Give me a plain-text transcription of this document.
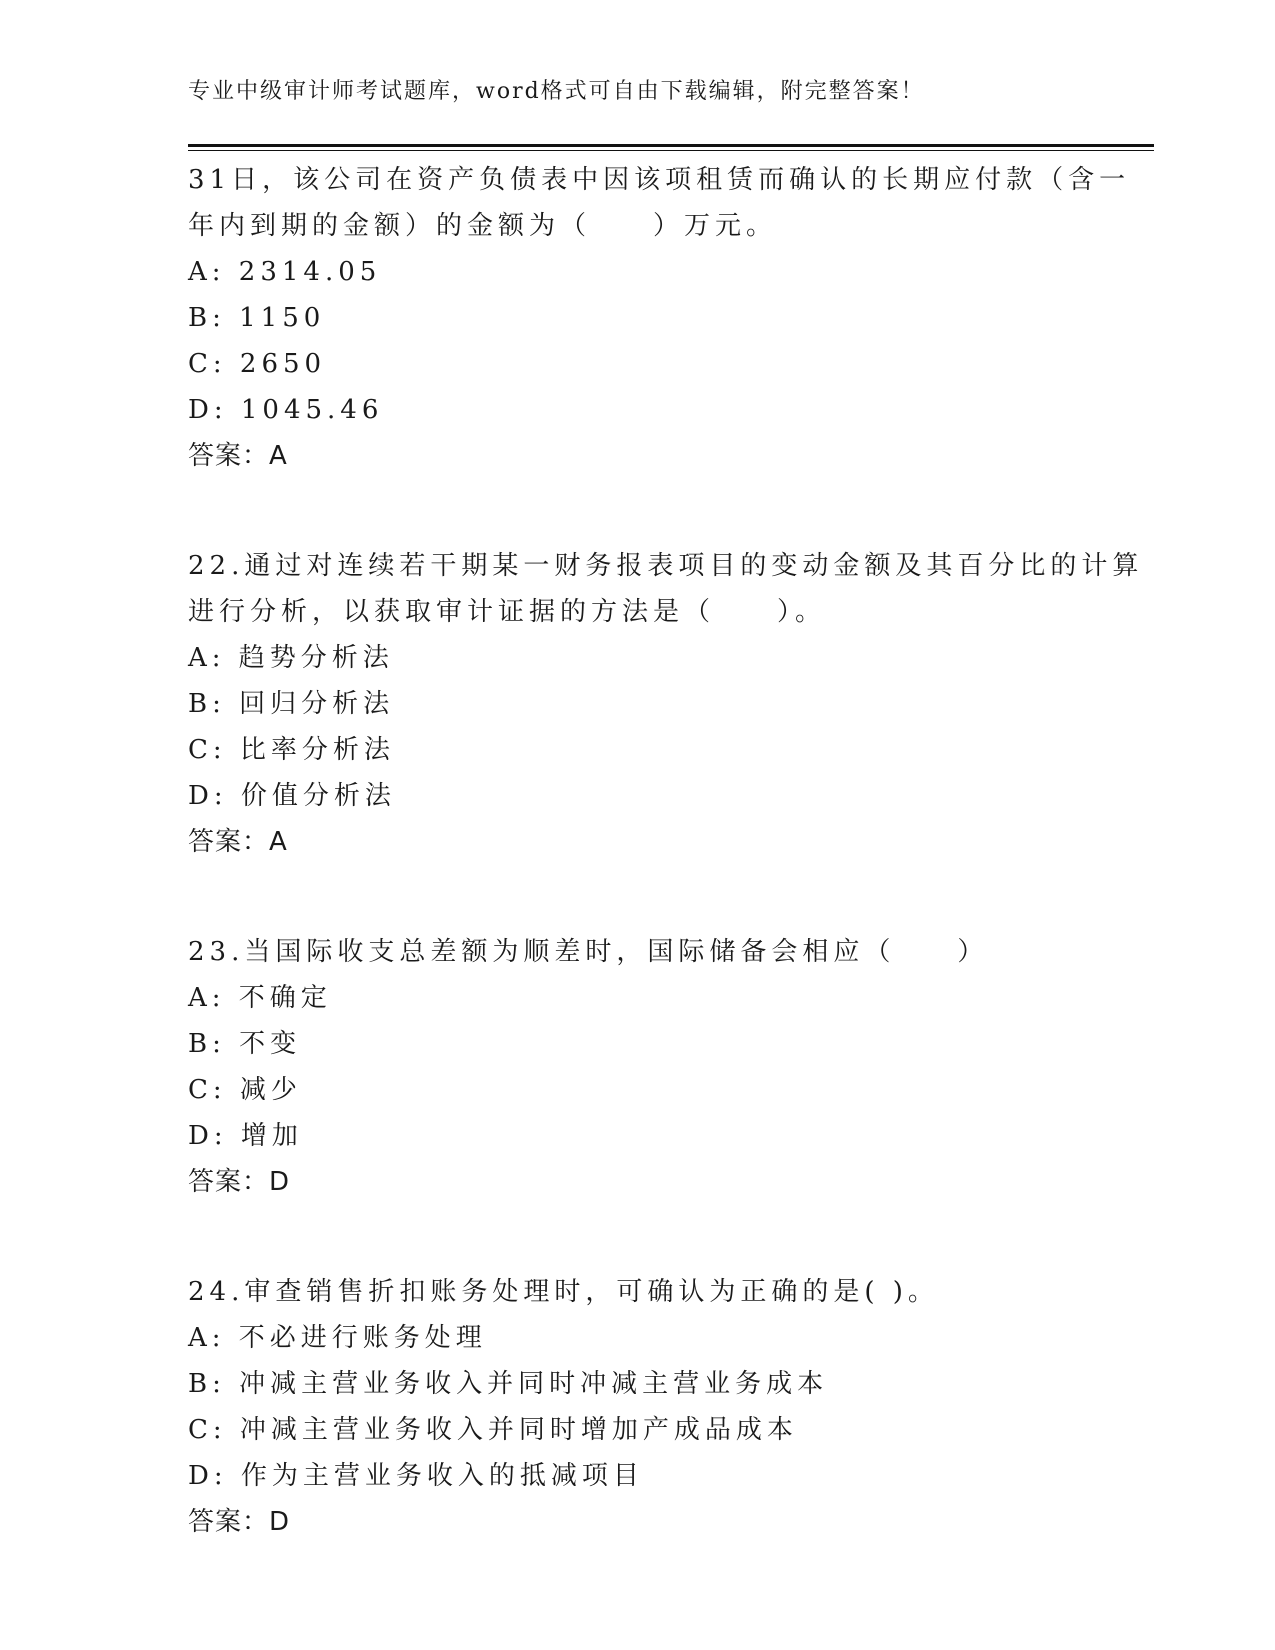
专业中级审计师考试题库，word格式可自由下载编辑，附完整答案！
31日，该公司在资产负债表中因该项租赁而确认的长期应付款（含一
年内到期的金额）的金额为（　　）万元。
A: 2314.05
B: 1150
C: 2650
D: 1045.46
答案：A
22.通过对连续若干期某一财务报表项目的变动金额及其百分比的计算
进行分析，以获取审计证据的方法是（　　）。
A: 趋势分析法
B: 回归分析法
C: 比率分析法
D: 价值分析法
答案：A
23.当国际收支总差额为顺差时，国际储备会相应（　　）
A: 不确定
B: 不变
C: 减少
D: 增加
答案：D
24.审查销售折扣账务处理时，可确认为正确的是( )。
A: 不必进行账务处理
B: 冲减主营业务收入并同时冲减主营业务成本
C: 冲减主营业务收入并同时增加产成品成本
D: 作为主营业务收入的抵减项目
答案：D
